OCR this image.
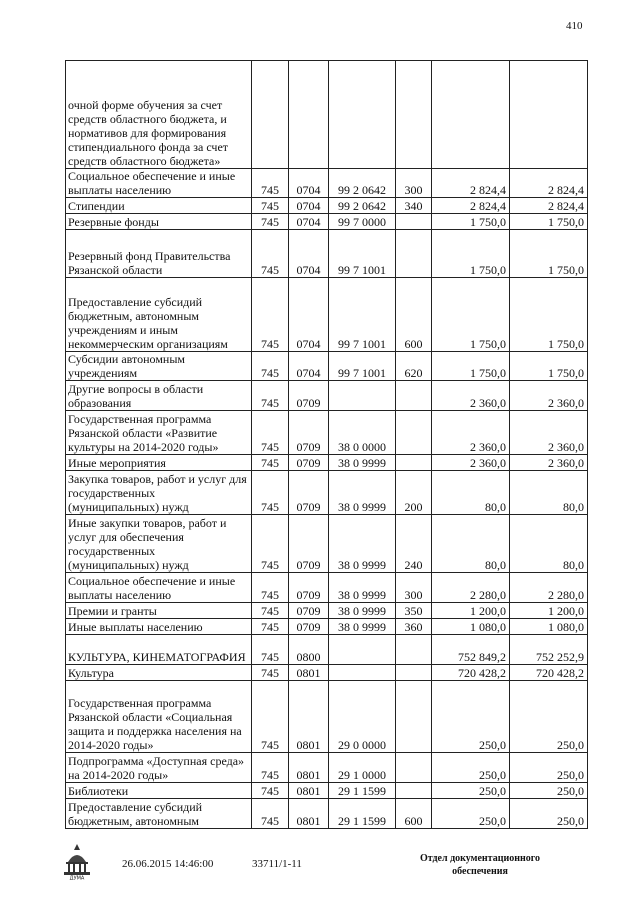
410
очной форме обучения за счет средств областного бюджета, и нормативов для формирования стипендиального фонда за счет средств областного бюджета»						
Социальное обеспечение и иные выплаты населению	745	0704	99 2 0642	300	2 824,4	2 824,4
Стипендии	745	0704	99 2 0642	340	2 824,4	2 824,4
Резервные фонды	745	0704	99 7 0000		1 750,0	1 750,0
Резервный фонд Правительства Рязанской области	745	0704	99 7 1001		1 750,0	1 750,0
Предоставление субсидий бюджетным, автономным учреждениям и иным некоммерческим организациям	745	0704	99 7 1001	600	1 750,0	1 750,0
Субсидии автономным учреждениям	745	0704	99 7 1001	620	1 750,0	1 750,0
Другие вопросы в области образования	745	0709			2 360,0	2 360,0
Государственная программа Рязанской области «Развитие культуры на 2014-2020 годы»	745	0709	38 0 0000		2 360,0	2 360,0
Иные мероприятия	745	0709	38 0 9999		2 360,0	2 360,0
Закупка товаров, работ и услуг для государственных (муниципальных) нужд	745	0709	38 0 9999	200	80,0	80,0
Иные закупки товаров, работ и услуг для обеспечения государственных (муниципальных) нужд	745	0709	38 0 9999	240	80,0	80,0
Социальное обеспечение и иные выплаты населению	745	0709	38 0 9999	300	2 280,0	2 280,0
Премии и гранты	745	0709	38 0 9999	350	1 200,0	1 200,0
Иные выплаты населению	745	0709	38 0 9999	360	1 080,0	1 080,0
КУЛЬТУРА, КИНЕМАТОГРАФИЯ	745	0800			752 849,2	752 252,9
Культура	745	0801			720 428,2	720 428,2
Государственная программа Рязанской области «Социальная защита и поддержка населения на 2014-2020 годы»	745	0801	29 0 0000		250,0	250,0
Подпрограмма «Доступная среда» на 2014-2020 годы»	745	0801	29 1 0000		250,0	250,0
Библиотеки	745	0801	29 1 1599		250,0	250,0
Предоставление субсидий бюджетным, автономным	745	0801	29 1 1599	600	250,0	250,0
ДУМА
26.06.2015 14:46:00	33711/1-11	Отдел документационного обеспечения
